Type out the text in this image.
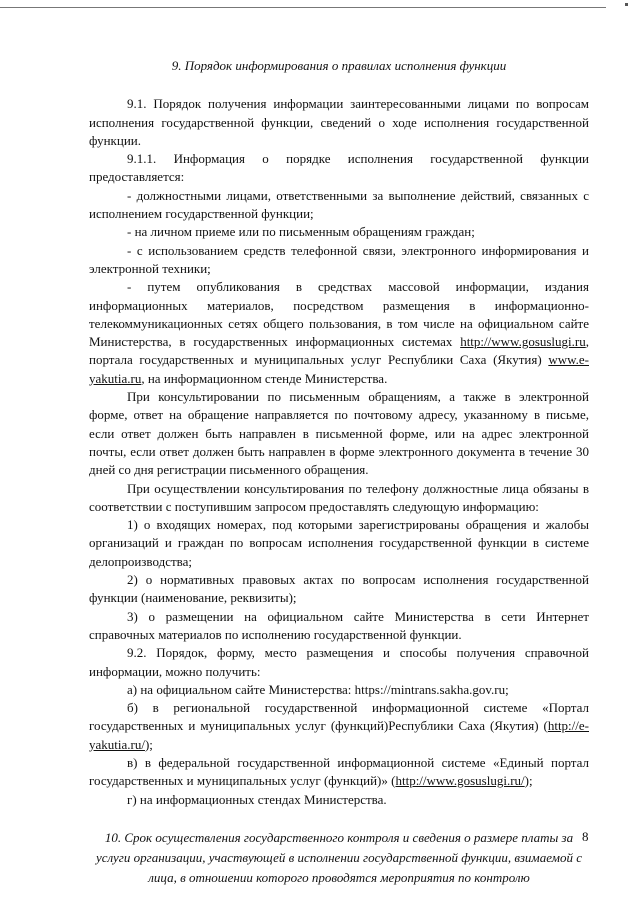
9. Порядок информирования о правилах исполнения функции

9.1. Порядок получения информации заинтересованными лицами по вопросам исполнения государственной функции, сведений о ходе исполнения государственной функции.

9.1.1. Информация о порядке исполнения государственной функции предоставляется:

- должностными лицами, ответственными за выполнение действий, связанных с исполнением государственной функции;

- на личном приеме или по письменным обращениям граждан;

- с использованием средств телефонной связи, электронного информирования и электронной техники;

- путем опубликования в средствах массовой информации, издания информационных материалов, посредством размещения в информационно-телекоммуникационных сетях общего пользования, в том числе на официальном сайте Министерства, в государственных информационных системах http://www.gosuslugi.ru, портала государственных и муниципальных услуг Республики Саха (Якутия) www.e-yakutia.ru, на информационном стенде Министерства.

При консультировании по письменным обращениям, а также в электронной форме, ответ на обращение направляется по почтовому адресу, указанному в письме, если ответ должен быть направлен в письменной форме, или на адрес электронной почты, если ответ должен быть направлен в форме электронного документа в течение 30 дней со дня регистрации письменного обращения.

При осуществлении консультирования по телефону должностные лица обязаны в соответствии с поступившим запросом предоставлять следующую информацию:

1) о входящих номерах, под которыми зарегистрированы обращения и жалобы организаций и граждан по вопросам исполнения государственной функции в системе делопроизводства;

2) о нормативных правовых актах по вопросам исполнения государственной функции (наименование, реквизиты);

3) о размещении на официальном сайте Министерства в сети Интернет справочных материалов по исполнению государственной функции.

9.2. Порядок, форму, место размещения и способы получения справочной информации, можно получить:

а) на официальном сайте Министерства: https://mintrans.sakha.gov.ru;

б) в региональной государственной информационной системе «Портал государственных и муниципальных услуг (функций)Республики Саха (Якутия) (http://e-yakutia.ru/);

в) в федеральной государственной информационной системе «Единый портал государственных и муниципальных услуг (функций)» (http://www.gosuslugi.ru/);

г) на информационных стендах Министерства.

10. Срок осуществления государственного контроля и сведения о размере платы за услуги организации, участвующей в исполнении государственной функции, взимаемой с лица, в отношении которого проводятся мероприятия по контролю

8
